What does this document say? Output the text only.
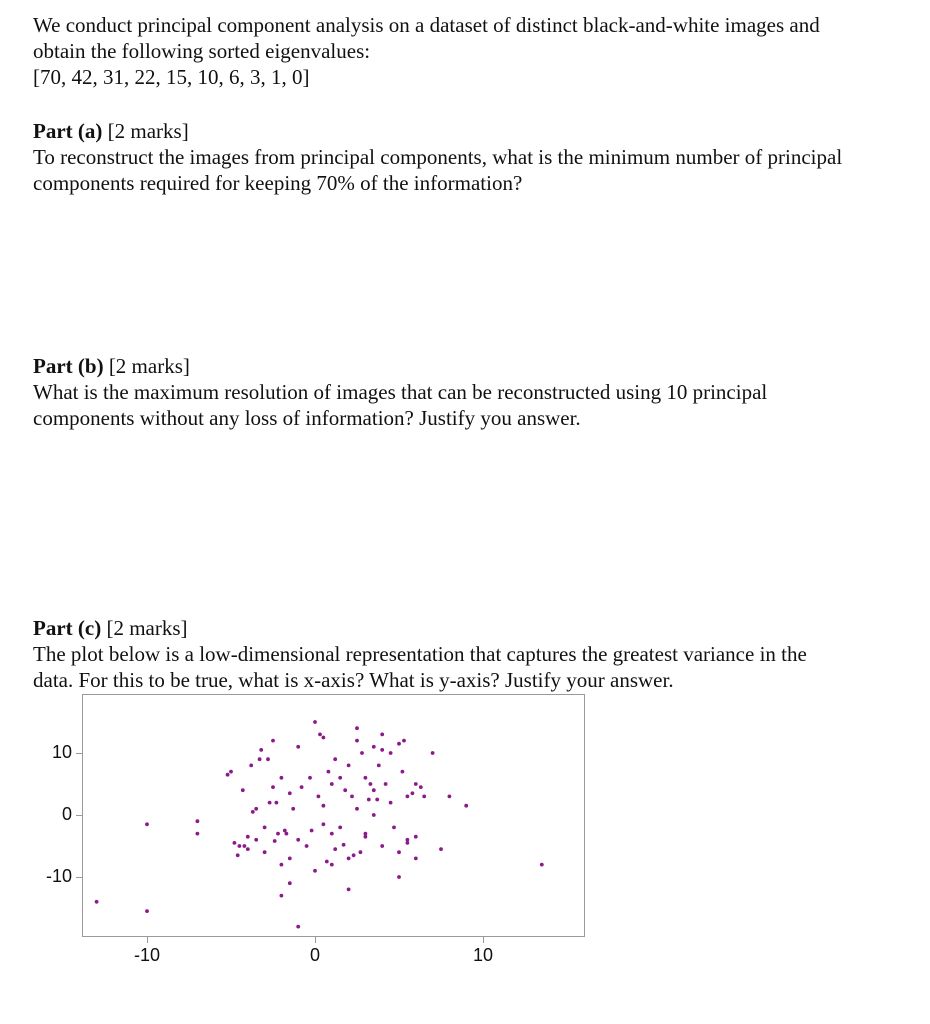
We conduct principal component analysis on a dataset of distinct black-and-white images and

obtain the following sorted eigenvalues:

[70, 42, 31, 22, 15, 10, 6, 3, 1, 0]

Part (a) [2 marks]

To reconstruct the images from principal components, what is the minimum number of principal

components required for keeping 70% of the information?

Part (b) [2 marks]

What is the maximum resolution of images that can be reconstructed using 10 principal

components without any loss of information? Justify you answer.

Part (c) [2 marks]

The plot below is a low-dimensional representation that captures the greatest variance in the

data. For this to be true, what is x-axis? What is y-axis? Justify your answer.

10
0
-10
-10	0	10
